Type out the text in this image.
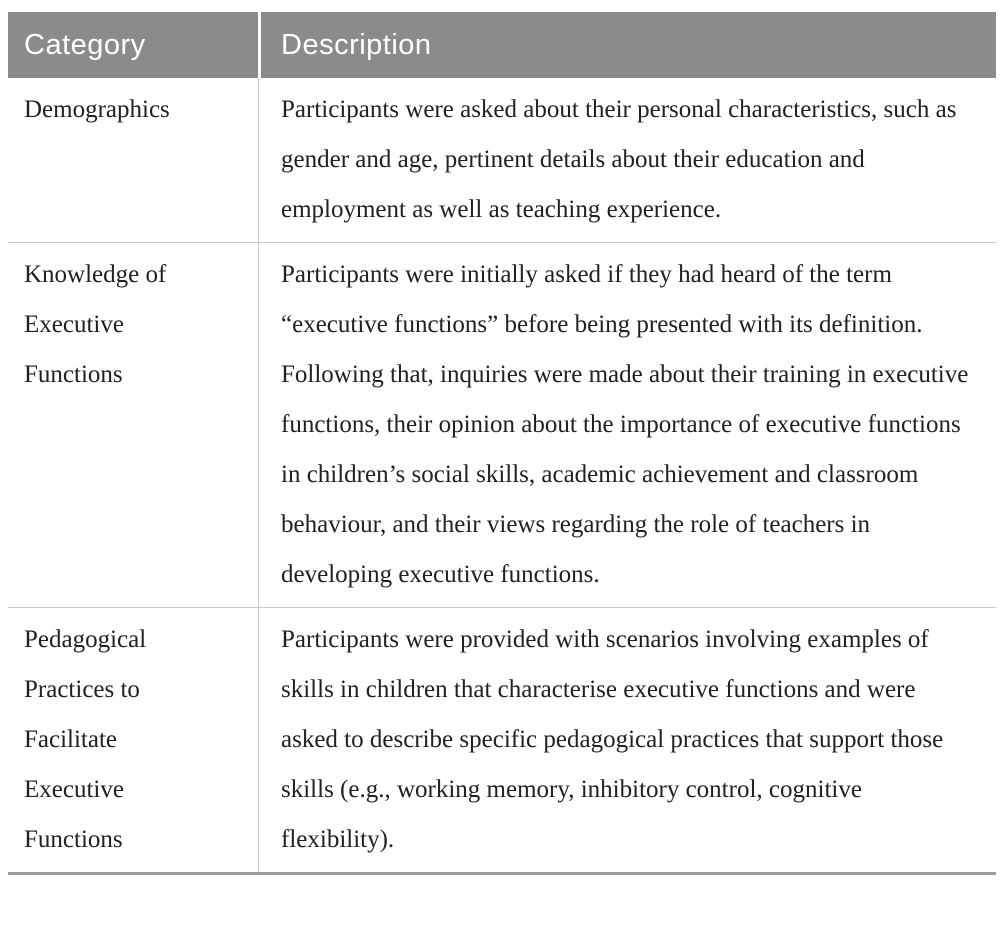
Category	Description
Demographics	Participants were asked about their personal characteristics, such as gender and age, pertinent details about their education and employment as well as teaching experience.
Knowledge of Executive Functions
Participants were initially asked if they had heard of the term “executive functions” before being presented with its definition. Following that, inquiries were made about their training in executive functions, their opinion about the importance of executive functions in children’s social skills, academic achievement and classroom behaviour, and their views regarding the role of teachers in developing executive functions.
Pedagogical Practices to Facilitate Executive Functions
Participants were provided with scenarios involving examples of skills in children that characterise executive functions and were asked to describe specific pedagogical practices that support those skills (e.g., working memory, inhibitory control, cognitive flexibility).
